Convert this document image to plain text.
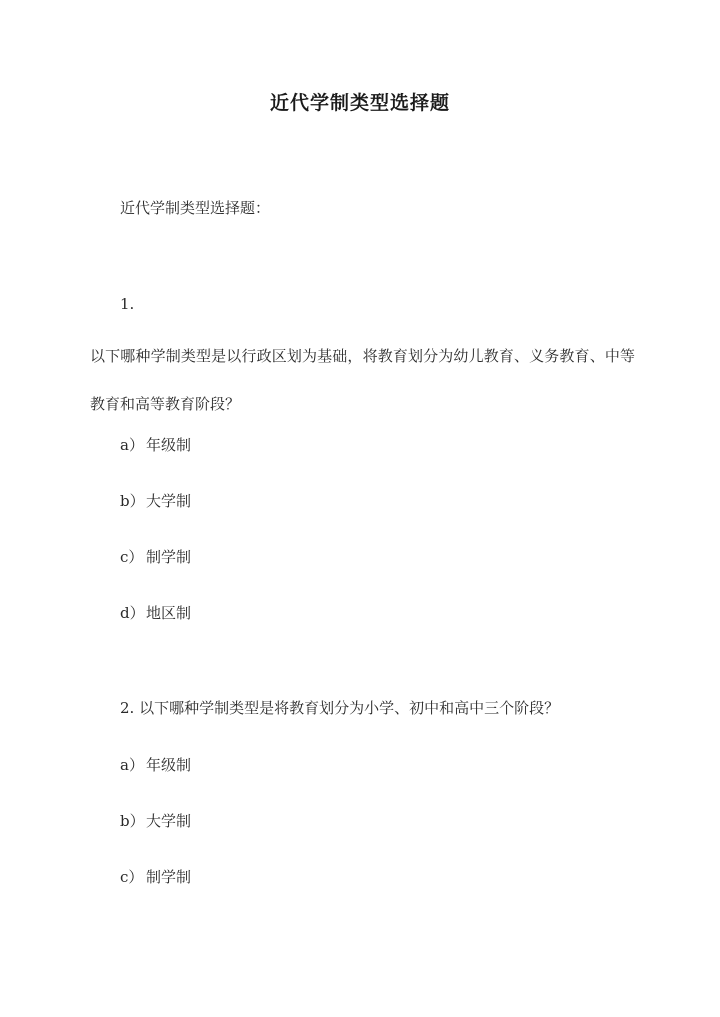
近代学制类型选择题
近代学制类型选择题：
1.
以下哪种学制类型是以行政区划为基础，将教育划分为幼儿教育、义务教育、中等教育和高等教育阶段？
a） 年级制
b）大学制
c） 制学制
d）地区制
2. 以下哪种学制类型是将教育划分为小学、初中和高中三个阶段？
a） 年级制
b）大学制
c） 制学制
